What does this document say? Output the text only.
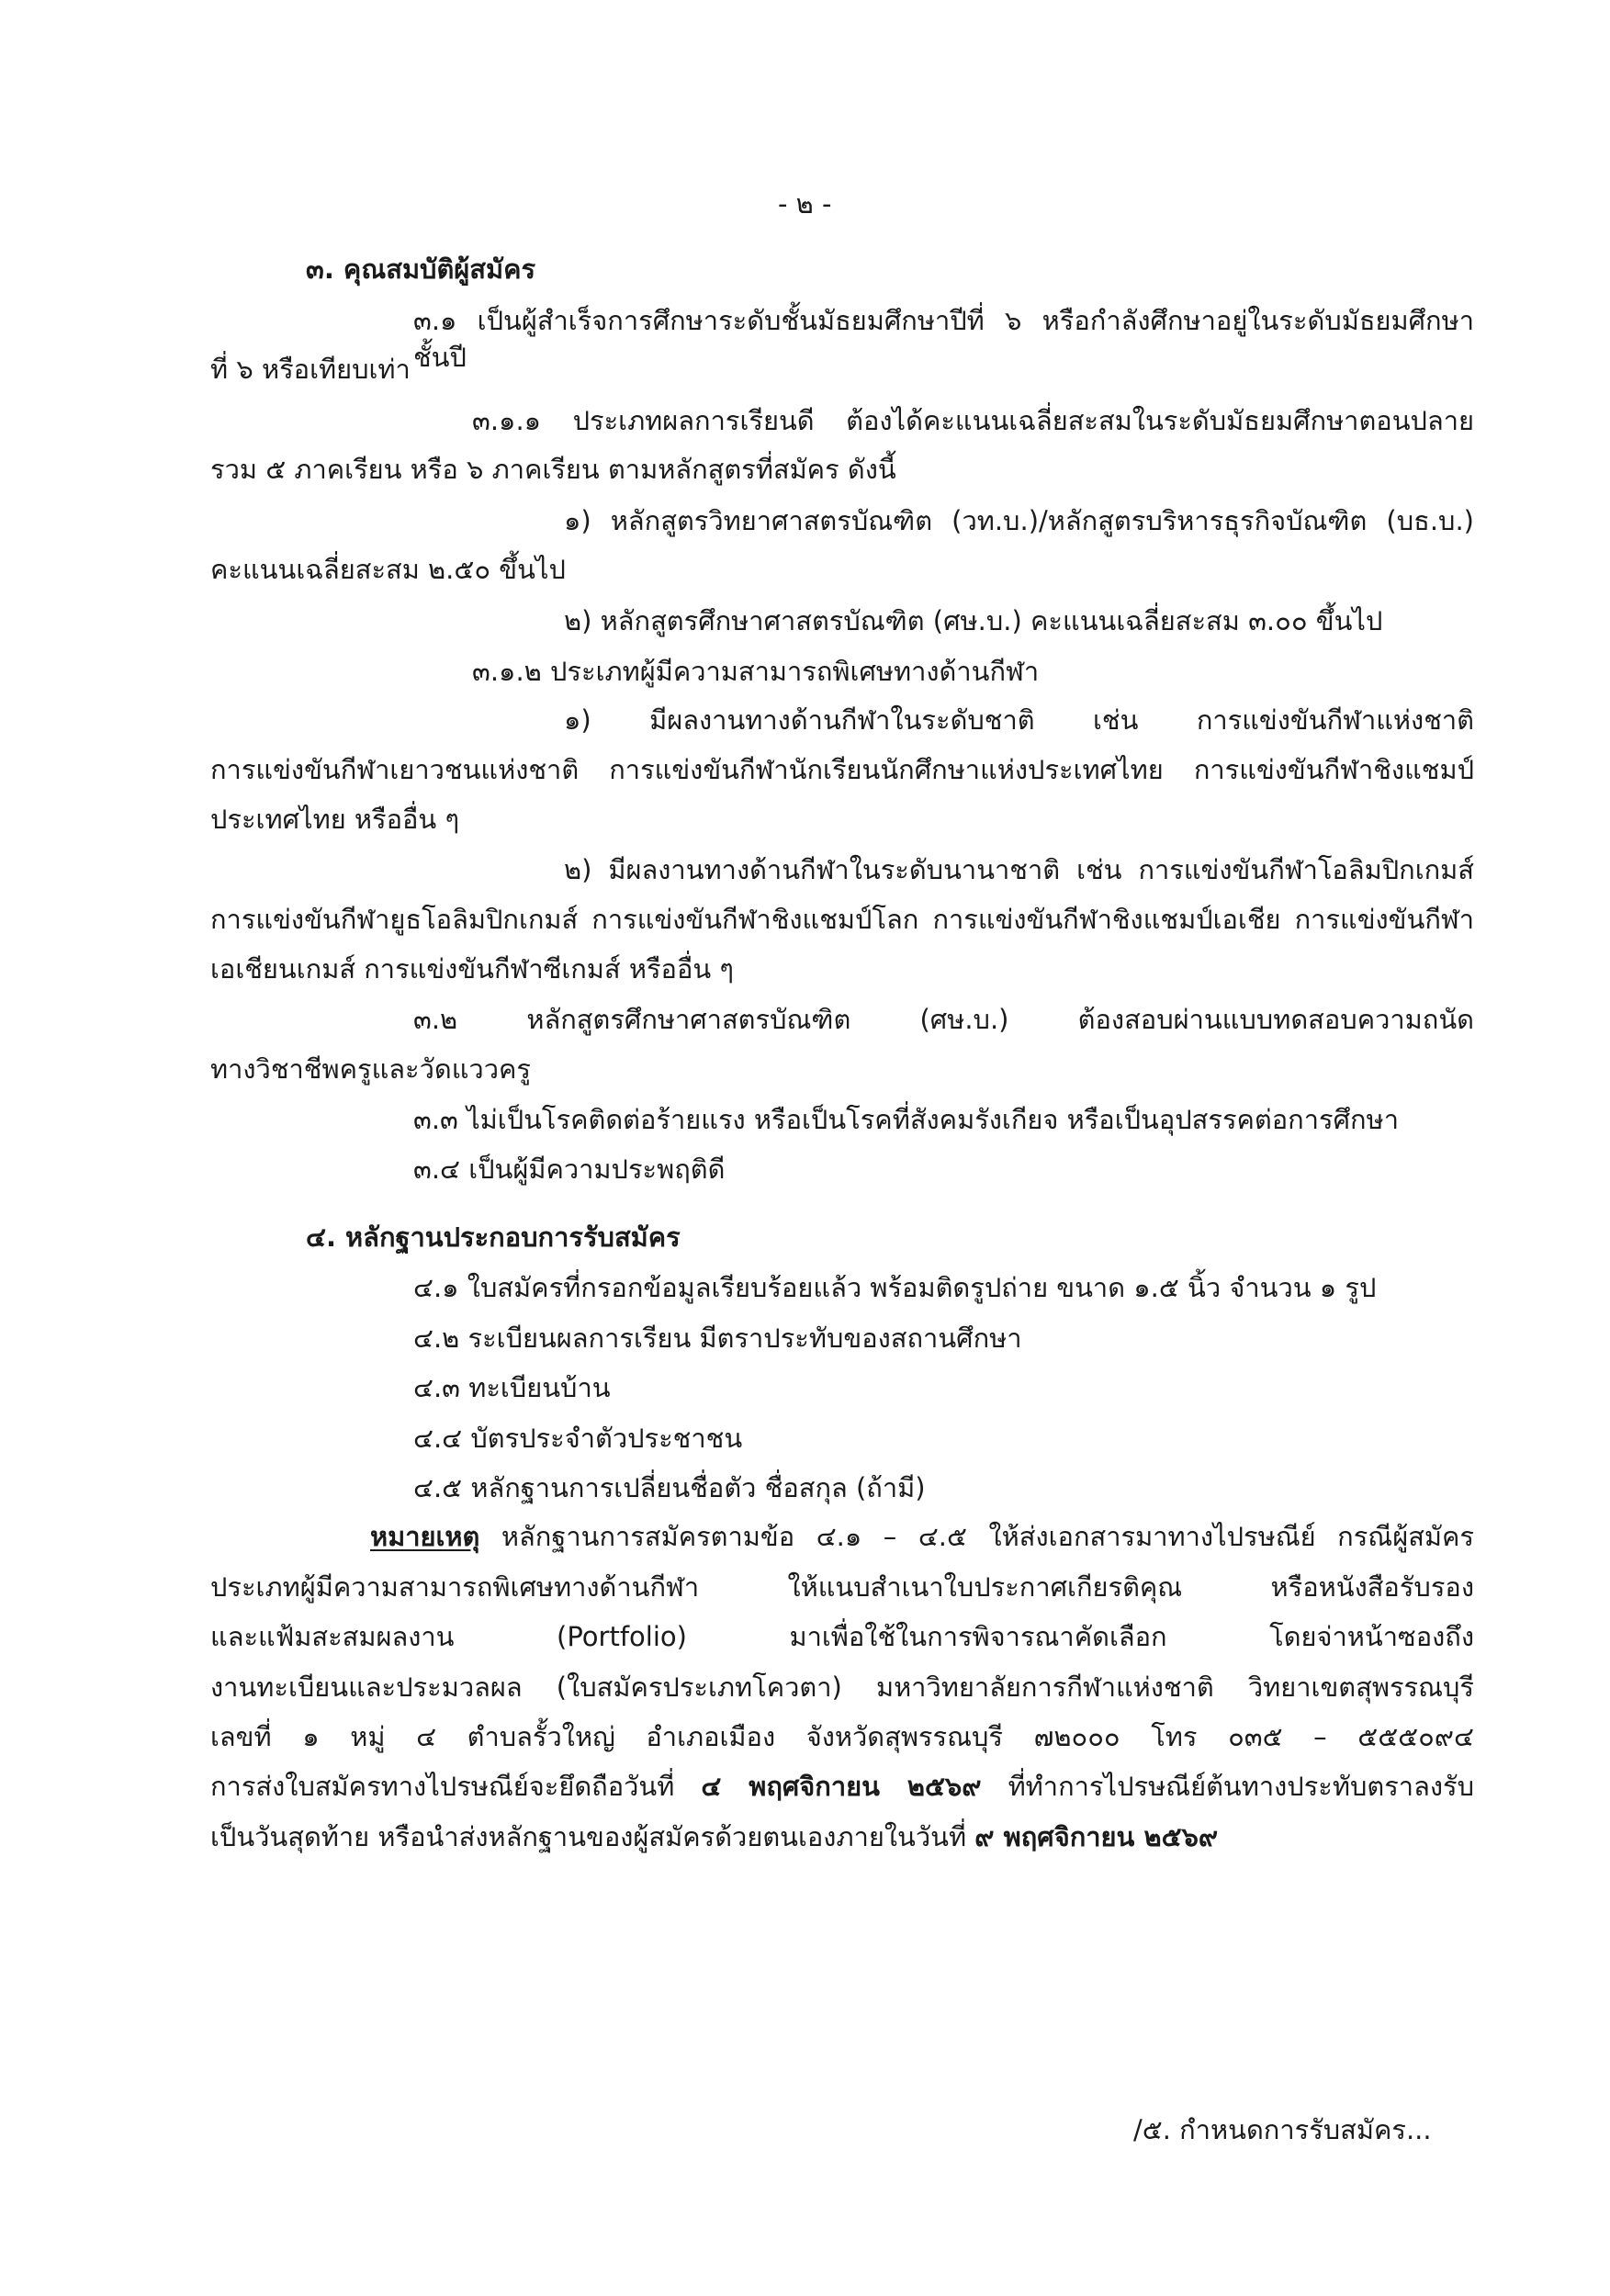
- ๒ -
๓. คุณสมบัติผู้สมัคร
๓.๑ เป็นผู้สำเร็จการศึกษาระดับชั้นมัธยมศึกษาปีที่ ๖ หรือกำลังศึกษาอยู่ในระดับมัธยมศึกษาชั้นปี
ที่ ๖ หรือเทียบเท่า
๓.๑.๑ ประเภทผลการเรียนดี ต้องได้คะแนนเฉลี่ยสะสมในระดับมัธยมศึกษาตอนปลาย
รวม ๕ ภาคเรียน หรือ ๖ ภาคเรียน ตามหลักสูตรที่สมัคร ดังนี้
๑) หลักสูตรวิทยาศาสตรบัณฑิต (วท.บ.)/หลักสูตรบริหารธุรกิจบัณฑิต (บธ.บ.)
คะแนนเฉลี่ยสะสม ๒.๕๐ ขึ้นไป
๒) หลักสูตรศึกษาศาสตรบัณฑิต (ศษ.บ.) คะแนนเฉลี่ยสะสม ๓.๐๐ ขึ้นไป
๓.๑.๒ ประเภทผู้มีความสามารถพิเศษทางด้านกีฬา
๑) มีผลงานทางด้านกีฬาในระดับชาติ เช่น การแข่งขันกีฬาแห่งชาติ
การแข่งขันกีฬาเยาวชนแห่งชาติ การแข่งขันกีฬานักเรียนนักศึกษาแห่งประเทศไทย การแข่งขันกีฬาชิงแชมป์
ประเทศไทย หรืออื่น ๆ
๒) มีผลงานทางด้านกีฬาในระดับนานาชาติ เช่น การแข่งขันกีฬาโอลิมปิกเกมส์
การแข่งขันกีฬายูธโอลิมปิกเกมส์ การแข่งขันกีฬาชิงแชมป์โลก การแข่งขันกีฬาชิงแชมป์เอเชีย การแข่งขันกีฬา
เอเชียนเกมส์ การแข่งขันกีฬาซีเกมส์ หรืออื่น ๆ
๓.๒ หลักสูตรศึกษาศาสตรบัณฑิต (ศษ.บ.) ต้องสอบผ่านแบบทดสอบความถนัด
ทางวิชาชีพครูและวัดแววครู
๓.๓ ไม่เป็นโรคติดต่อร้ายแรง หรือเป็นโรคที่สังคมรังเกียจ หรือเป็นอุปสรรคต่อการศึกษา
๓.๔ เป็นผู้มีความประพฤติดี
๔. หลักฐานประกอบการรับสมัคร
๔.๑ ใบสมัครที่กรอกข้อมูลเรียบร้อยแล้ว พร้อมติดรูปถ่าย ขนาด ๑.๕ นิ้ว จำนวน ๑ รูป
๔.๒ ระเบียนผลการเรียน มีตราประทับของสถานศึกษา
๔.๓ ทะเบียนบ้าน
๔.๔ บัตรประจำตัวประชาชน
๔.๕ หลักฐานการเปลี่ยนชื่อตัว ชื่อสกุล (ถ้ามี)
หมายเหตุ หลักฐานการสมัครตามข้อ ๔.๑ – ๔.๕ ให้ส่งเอกสารมาทางไปรษณีย์ กรณีผู้สมัคร
ประเภทผู้มีความสามารถพิเศษทางด้านกีฬา ให้แนบสำเนาใบประกาศเกียรติคุณ หรือหนังสือรับรอง
และแฟ้มสะสมผลงาน (Portfolio) มาเพื่อใช้ในการพิจารณาคัดเลือก โดยจ่าหน้าซองถึง
งานทะเบียนและประมวลผล (ใบสมัครประเภทโควตา) มหาวิทยาลัยการกีฬาแห่งชาติ วิทยาเขตสุพรรณบุรี
เลขที่ ๑ หมู่ ๔ ตำบลรั้วใหญ่ อำเภอเมือง จังหวัดสุพรรณบุรี ๗๒๐๐๐ โทร ๐๓๕ – ๕๕๕๐๙๔
การส่งใบสมัครทางไปรษณีย์จะยึดถือวันที่ ๔ พฤศจิกายน ๒๕๖๙ ที่ทำการไปรษณีย์ต้นทางประทับตราลงรับ
เป็นวันสุดท้าย หรือนำส่งหลักฐานของผู้สมัครด้วยตนเองภายในวันที่ ๙ พฤศจิกายน ๒๕๖๙
/๕. กำหนดการรับสมัคร...
